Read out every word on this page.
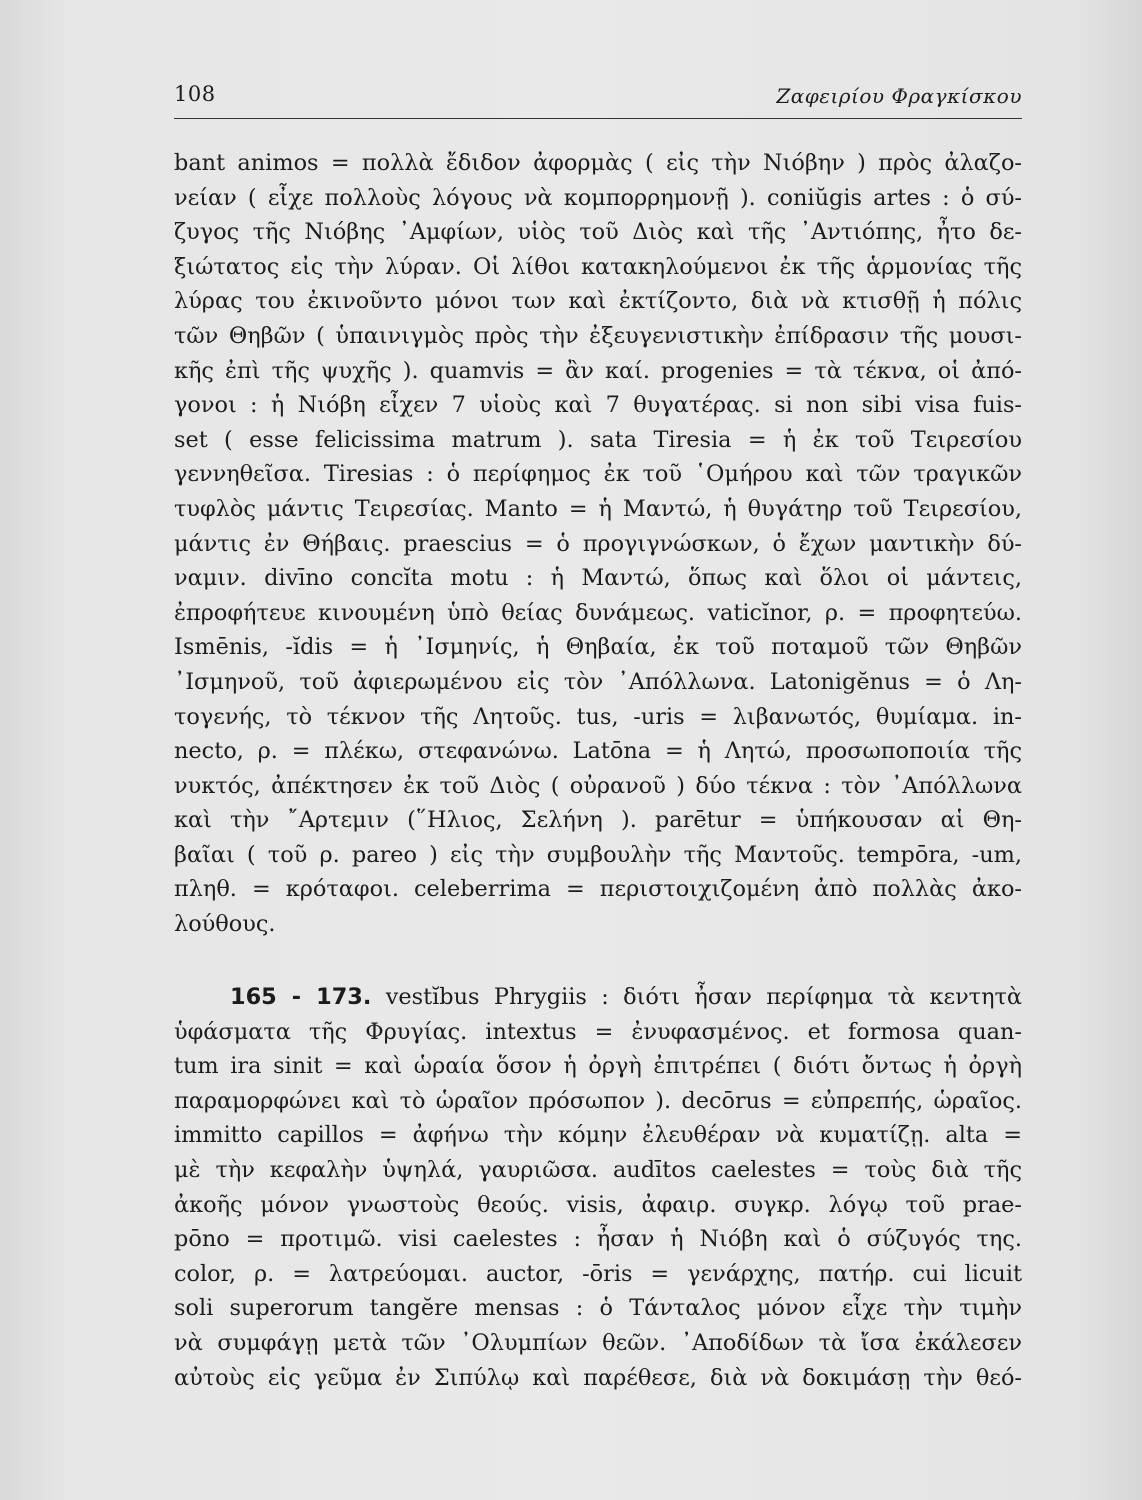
108	Ζαφειρίου Φραγκίσκου
bant animos = πολλὰ ἔδιδον ἀφορμὰς ( εἰς τὴν Νιόβην ) πρὸς ἀλαζο-
νείαν ( εἶχε πολλοὺς λόγους νὰ κομπορρημονῇ ). coniŭgis artes : ὁ σύ-
ζυγος τῆς Νιόβης ᾽Αμφίων, υἱὸς τοῦ Διὸς καὶ τῆς ᾽Αντιόπης, ἦτο δε-
ξιώτατος εἰς τὴν λύραν. Οἱ λίθοι κατακηλούμενοι ἐκ τῆς ἁρμονίας τῆς
λύρας του ἐκινοῦντο μόνοι των καὶ ἐκτίζοντο, διὰ νὰ κτισθῇ ἡ πόλις
τῶν Θηβῶν ( ὑπαινιγμὸς πρὸς τὴν ἐξευγενιστικὴν ἐπίδρασιν τῆς μουσι-
κῆς ἐπὶ τῆς ψυχῆς ). quamvis = ἂν καί. progenies = τὰ τέκνα, οἱ ἀπό-
γονοι : ἡ Νιόβη εἶχεν 7 υἱοὺς καὶ 7 θυγατέρας. si non sibi visa fuis-
set ( esse felicissima matrum ). sata Tiresia = ἡ ἐκ τοῦ Τειρεσίου
γεννηθεῖσα. Tiresias : ὁ περίφημος ἐκ τοῦ ῾Ομήρου καὶ τῶν τραγικῶν
τυφλὸς μάντις Τειρεσίας. Manto = ἡ Μαντώ, ἡ θυγάτηρ τοῦ Τειρεσίου,
μάντις ἐν Θήβαις. praescius = ὁ προγιγνώσκων, ὁ ἔχων μαντικὴν δύ-
ναμιν. divīno concĭta motu : ἡ Μαντώ, ὅπως καὶ ὅλοι οἱ μάντεις,
ἐπροφήτευε κινουμένη ὑπὸ θείας δυνάμεως. vaticĭnor, ρ. = προφητεύω.
Ismēnis, -ĭdis = ἡ ᾽Ισμηνίς, ἡ Θηβαία, ἐκ τοῦ ποταμοῦ τῶν Θηβῶν
᾽Ισμηνοῦ, τοῦ ἀφιερωμένου εἰς τὸν ᾽Απόλλωνα. Latonigĕnus = ὁ Λη-
τογενής, τὸ τέκνον τῆς Λητοῦς. tus, -uris = λιβανωτός, θυμίαμα. in-
necto, ρ. = πλέκω, στεφανώνω. Latōna = ἡ Λητώ, προσωποποιία τῆς
νυκτός, ἀπέκτησεν ἐκ τοῦ Διὸς ( οὐρανοῦ ) δύο τέκνα : τὸν ᾽Απόλλωνα
καὶ τὴν ῎Αρτεμιν (῞Ηλιος, Σελήνη ). parētur = ὑπήκουσαν αἱ Θη-
βαῖαι ( τοῦ ρ. pareo ) εἰς τὴν συμβουλὴν τῆς Μαντοῦς. tempōra, -um,
πληθ. = κρόταφοι. celeberrima = περιστοιχιζομένη ἀπὸ πολλὰς ἀκο-
λούθους.
165 - 173. vestĭbus Phrygiis : διότι ἦσαν περίφημα τὰ κεντητὰ
ὑφάσματα τῆς Φρυγίας. intextus = ἐνυφασμένος. et formosa quan-
tum ira sinit = καὶ ὡραία ὅσον ἡ ὀργὴ ἐπιτρέπει ( διότι ὄντως ἡ ὀργὴ
παραμορφώνει καὶ τὸ ὡραῖον πρόσωπον ). decōrus = εὐπρεπής, ὡραῖος.
immitto capillos = ἀφήνω τὴν κόμην ἐλευθέραν νὰ κυματίζῃ. alta =
μὲ τὴν κεφαλὴν ὑψηλά, γαυριῶσα. audītos caelestes = τοὺς διὰ τῆς
ἀκοῆς μόνον γνωστοὺς θεούς. visis, ἀφαιρ. συγκρ. λόγῳ τοῦ prae-
pōno = προτιμῶ. visi caelestes : ἦσαν ἡ Νιόβη καὶ ὁ σύζυγός της.
color, ρ. = λατρεύομαι. auctor, -ōris = γενάρχης, πατήρ. cui licuit
soli superorum tangĕre mensas : ὁ Τάνταλος μόνον εἶχε τὴν τιμὴν
νὰ συμφάγῃ μετὰ τῶν ᾽Ολυμπίων θεῶν. ᾽Αποδίδων τὰ ἴσα ἐκάλεσεν
αὐτοὺς εἰς γεῦμα ἐν Σιπύλῳ καὶ παρέθεσε, διὰ νὰ δοκιμάσῃ τὴν θεό-
